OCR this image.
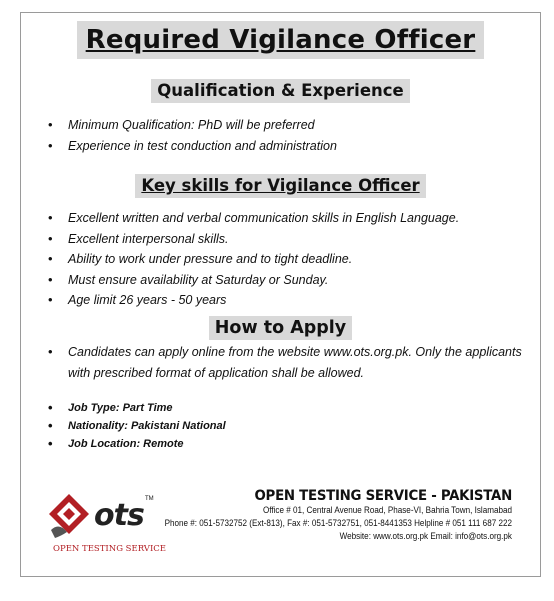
Required Vigilance Officer
Qualification & Experience
• Minimum Qualification: PhD will be preferred
• Experience in test conduction and administration
Key skills for Vigilance Officer
• Excellent written and verbal communication skills in English Language.
• Excellent interpersonal skills.
• Ability to work under pressure and to tight deadline.
• Must ensure availability at Saturday or Sunday.
• Age limit 26 years - 50 years
How to Apply
• Candidates can apply online from the website www.ots.org.pk. Only the applicants with prescribed format of application shall be allowed.
• Job Type: Part Time
• Nationality: Pakistani National
• Job Location: Remote
ots TM
OPEN TESTING SERVICE
OPEN TESTING SERVICE - PAKISTAN
Office # 01, Central Avenue Road, Phase-VI, Bahria Town, Islamabad
Phone #: 051-5732752 (Ext-813), Fax #: 051-5732751, 051-8441353 Helpline # 051 111 687 222
Website: www.ots.org.pk Email: info@ots.org.pk
